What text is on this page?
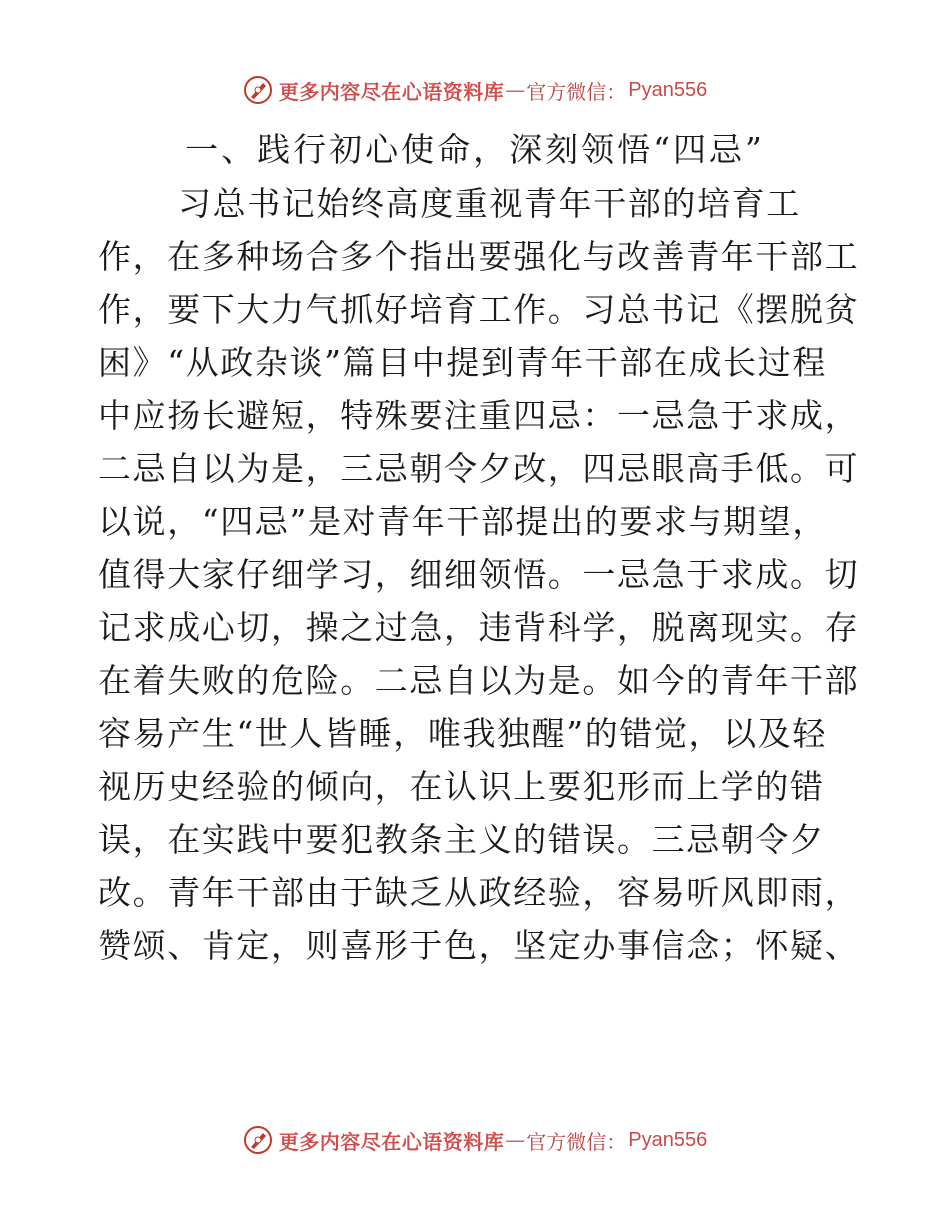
更多内容尽在心语资料库 — 官方微信： Pyan556
一、践行初心使命，深刻领悟“四忌”
习总书记始终高度重视青年干部的培育工
作，在多种场合多个指出要强化与改善青年干部工
作，要下大力气抓好培育工作。习总书记《摆脱贫
困》“从政杂谈”篇目中提到青年干部在成长过程
中应扬长避短，特殊要注重四忌：一忌急于求成，
二忌自以为是，三忌朝令夕改，四忌眼高手低。可
以说，“四忌”是对青年干部提出的要求与期望，
值得大家仔细学习，细细领悟。一忌急于求成。切
记求成心切，操之过急，违背科学，脱离现实。存
在着失败的危险。二忌自以为是。如今的青年干部
容易产生“世人皆睡，唯我独醒”的错觉，以及轻
视历史经验的倾向，在认识上要犯形而上学的错
误，在实践中要犯教条主义的错误。三忌朝令夕
改。青年干部由于缺乏从政经验，容易听风即雨，
赞颂、肯定，则喜形于色，坚定办事信念；怀疑、
更多内容尽在心语资料库 — 官方微信： Pyan556
